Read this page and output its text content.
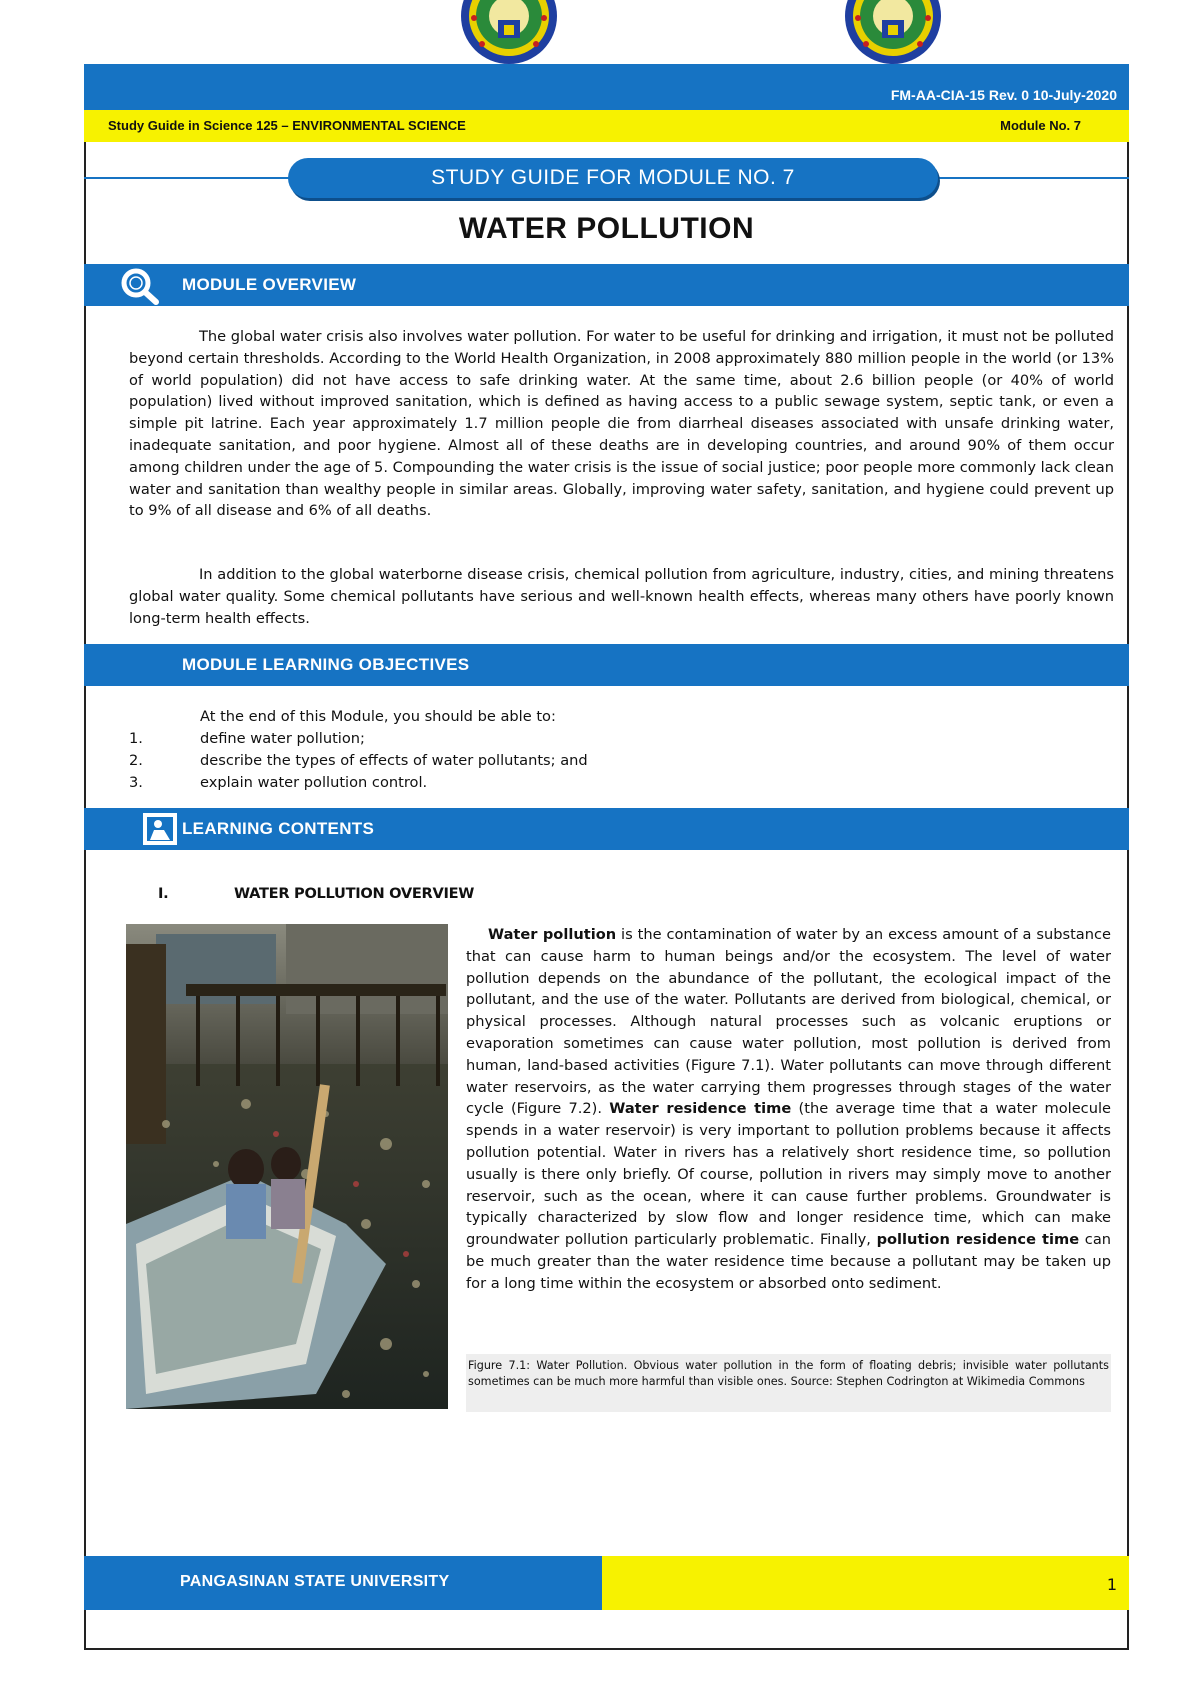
FM-AA-CIA-15 Rev. 0 10-July-2020
Study Guide in Science 125 – ENVIRONMENTAL SCIENCE	Module No. 7
STUDY GUIDE FOR MODULE NO. 7
WATER POLLUTION
MODULE OVERVIEW
The global water crisis also involves water pollution. For water to be useful for drinking and irrigation, it must not be polluted beyond certain thresholds. According to the World Health Organization, in 2008 approximately 880 million people in the world (or 13% of world population) did not have access to safe drinking water. At the same time, about 2.6 billion people (or 40% of world population) lived without improved sanitation, which is defined as having access to a public sewage system, septic tank, or even a simple pit latrine. Each year approximately 1.7 million people die from diarrheal diseases associated with unsafe drinking water, inadequate sanitation, and poor hygiene. Almost all of these deaths are in developing countries, and around 90% of them occur among children under the age of 5. Compounding the water crisis is the issue of social justice; poor people more commonly lack clean water and sanitation than wealthy people in similar areas. Globally, improving water safety, sanitation, and hygiene could prevent up to 9% of all disease and 6% of all deaths.
In addition to the global waterborne disease crisis, chemical pollution from agriculture, industry, cities, and mining threatens global water quality. Some chemical pollutants have serious and well-known health effects, whereas many others have poorly known long-term health effects.
MODULE LEARNING OBJECTIVES
At the end of this Module, you should be able to:
1.	define water pollution;
2.	describe the types of effects of water pollutants; and
3.	explain water pollution control.
LEARNING CONTENTS
I.	WATER POLLUTION OVERVIEW
Water pollution is the contamination of water by an excess amount of a substance that can cause harm to human beings and/or the ecosystem. The level of water pollution depends on the abundance of the pollutant, the ecological impact of the pollutant, and the use of the water. Pollutants are derived from biological, chemical, or physical processes. Although natural processes such as volcanic eruptions or evaporation sometimes can cause water pollution, most pollution is derived from human, land-based activities (Figure 7.1). Water pollutants can move through different water reservoirs, as the water carrying them progresses through stages of the water cycle (Figure 7.2). Water residence time (the average time that a water molecule spends in a water reservoir) is very important to pollution problems because it affects pollution potential. Water in rivers has a relatively short residence time, so pollution usually is there only briefly. Of course, pollution in rivers may simply move to another reservoir, such as the ocean, where it can cause further problems. Groundwater is typically characterized by slow flow and longer residence time, which can make groundwater pollution particularly problematic. Finally, pollution residence time can be much greater than the water residence time because a pollutant may be taken up for a long time within the ecosystem or absorbed onto sediment.
Figure 7.1: Water Pollution. Obvious water pollution in the form of floating debris; invisible water pollutants sometimes can be much more harmful than visible ones. Source: Stephen Codrington at Wikimedia Commons
PANGASINAN STATE UNIVERSITY	1
